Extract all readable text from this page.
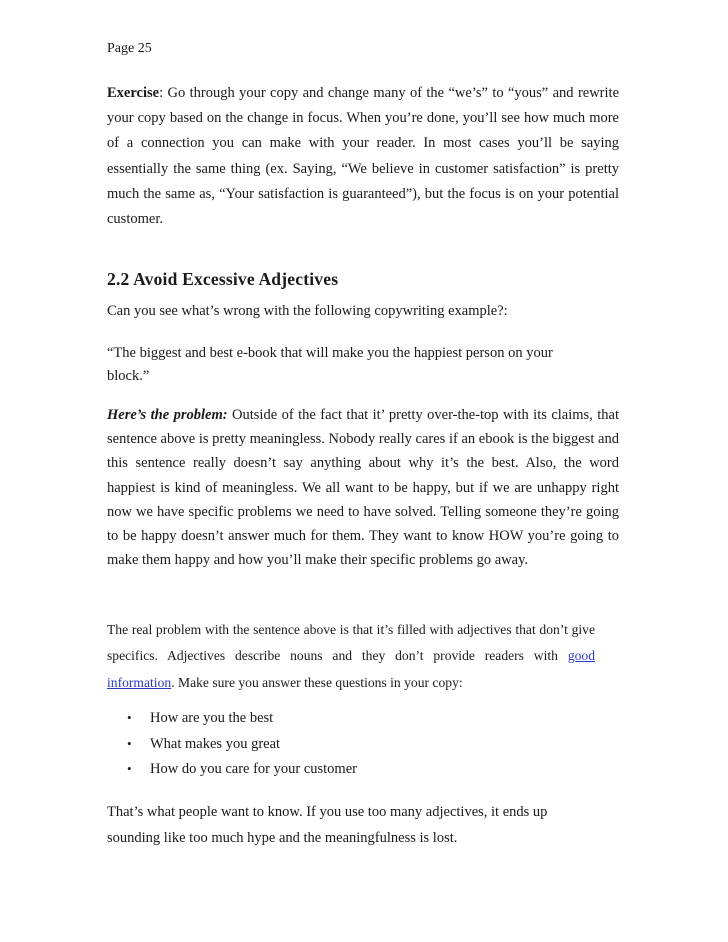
Page 25

Exercise: Go through your copy and change many of the “we’s” to “yous” and rewrite your copy based on the change in focus. When you’re done, you’ll see how much more of a connection you can make with your reader. In most cases you’ll be saying essentially the same thing (ex. Saying, “We believe in customer satisfaction” is pretty much the same as, “Your satisfaction is guaranteed”), but the focus is on your potential customer.

2.2 Avoid Excessive Adjectives

Can you see what’s wrong with the following copywriting example?:

“The biggest and best e-book that will make you the happiest person on your block.”

Here’s the problem: Outside of the fact that it’ pretty over-the-top with its claims, that sentence above is pretty meaningless. Nobody really cares if an ebook is the biggest and this sentence really doesn’t say anything about why it’s the best. Also, the word happiest is kind of meaningless. We all want to be happy, but if we are unhappy right now we have specific problems we need to have solved. Telling someone they’re going to be happy doesn’t answer much for them. They want to know HOW you’re going to make them happy and how you’ll make their specific problems go away.

The real problem with the sentence above is that it’s filled with adjectives that don’t give specifics. Adjectives describe nouns and they don’t provide readers with good information. Make sure you answer these questions in your copy:

• How are you the best
• What makes you great
• How do you care for your customer

That’s what people want to know. If you use too many adjectives, it ends up sounding like too much hype and the meaningfulness is lost.
